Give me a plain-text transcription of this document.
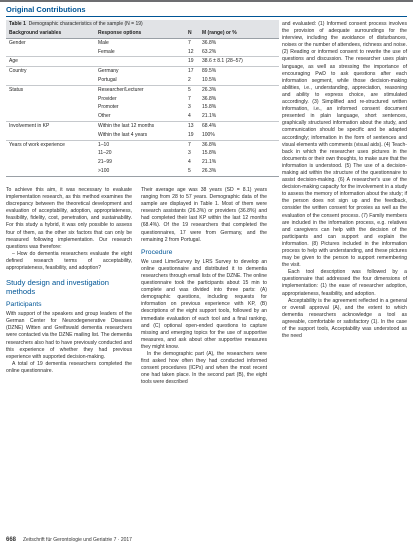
Original Contributions
Table 1 Demographic characteristics of the sample (N = 19)
Background variables	Response options	N M (range) or %
Gender	Male	7 36.8%
Female	12 63.2%
Age	19 38.6 ± 8.1 (28–57)
Country	Germany	17 89.5%
Portugal	2 10.5%
Status	Researcher/Lecturer	5 26.3%
Provider	7 36.8%
Promoter	3 15.8%
Other	4 21.1%
Involvement in KP	Within the last 12 months	13 68.4%
Within the last 4 years	19 100%
Years of work experience	1–10	7 36.8%
11–20	3 15.8%
21–99	4 21.1%
>100	5 26.3%

To achieve this aim, it was necessary to evaluate implementation research, as this method examines the discrepancy between the theoretical development and evaluation of acceptability, adoption, appropriateness, feasibility, fidelity, cost, penetration, and sustainability. For this study a hybrid, it was only possible to assess four of them, as the other six factors that can only be measured following implementation. Our research questions was therefore:

– How do dementia researchers evaluate the eight defined research terms of acceptability, appropriateness, feasibility, and adoption?

Study design and investigation methods
Participants

With support of the speakers and group leaders of the German Center for Neurodegenerative Diseases (DZNE) Witten and Greifswald dementia researchers were contacted via the DZNE mailing list. The dementia researchers also had to have previously conducted and this experience of whether they had previous experience with supported decision-making.

A total of 19 dementia researchers completed the online questionnaire.

Their average age was 38 years (SD = 8.1) years ranging from 28 to 57 years. Demographic data of the sample are displayed in Table 1. Most of them were research assistants (26.3%) or providers (36.8%) and had completed their last KP within the last 12 months (68.4%). Of the 19 researchers that completed the questionnaires, 17 were from Germany, and the remaining 2 from Portugal.

Procedure

We used LimeSurvey by LRS Survey to develop an online questionnaire and distributed it to dementia researchers through email lists of the DZNE. The online questionnaire took the participants about 15 min to complete and was divided into three parts: (A) demographic questions, including requests for information on previous experience with KP, (B) descriptions of the eight support tools, followed by an immediate evaluation of each tool and a final ranking, and (C) optional open-ended questions to capture missing and emerging topics for the use of supportive measures, and ask about other supportive measures they might know.

In the demographic part (A), the researchers were first asked how often they had conducted informed consent procedures (ICPs) and when the most recent one had taken place. In the second part (B), the eight tools were described

and evaluated: (1) Informed consent process involves the provision of adequate surroundings for the interview, including the avoidance of disturbances, noises or the number of attendees, richness and noise. (2) Reading or informed consent to rewrite the use of questions and discussion. The researcher uses plain language, as well as stressing the importance of encouraging PwD to ask questions after each information segment, while those decision-making abilities, i.e., understanding, appreciation, reasoning and ability to express choice, are stimulated accordingly. (3) Simplified and re-structured written information, i.e., an informed consent document presented in plain language, short sentences, graphically structured information about the study, and communication should be specific and be adapted accordingly; information in the form of sentences and visual elements with comments (visual aids). (4) Teach-back in which the researcher uses pictures in the documents or their own thoughts, to make sure that the information is understood. (5) The use of a decision-making aid within the structure of the questionnaire to assist decision-making. (6) A researcher's use of the decision-making capacity for the involvement in a study to assess the memory of information about the study; if the person does not sign up and the feedback, consider the written consent for proxies as well as the evaluation of the consent process. (7) Family members are included in the information process, e.g. relatives and caregivers can help with the decision of the participants and can support and explain the information. (8) Pictures included in the information process to help with understanding, and these pictures may be given to the person to support remembering the visit.

Each tool description was followed by a questionnaire that addressed the four dimensions of implementation: (1) the ease of researcher adoption, appropriateness, feasibility, and adoption.

Acceptability is the agreement reflected in a general or overall approval (A), and the extent to which dementia researchers acknowledge a tool as agreeable, comfortable or satisfactory (1). In the case of the support tools, Acceptability was understood as the need

668 Zeitschrift für Gerontologie und Geriatrie 7 · 2017
